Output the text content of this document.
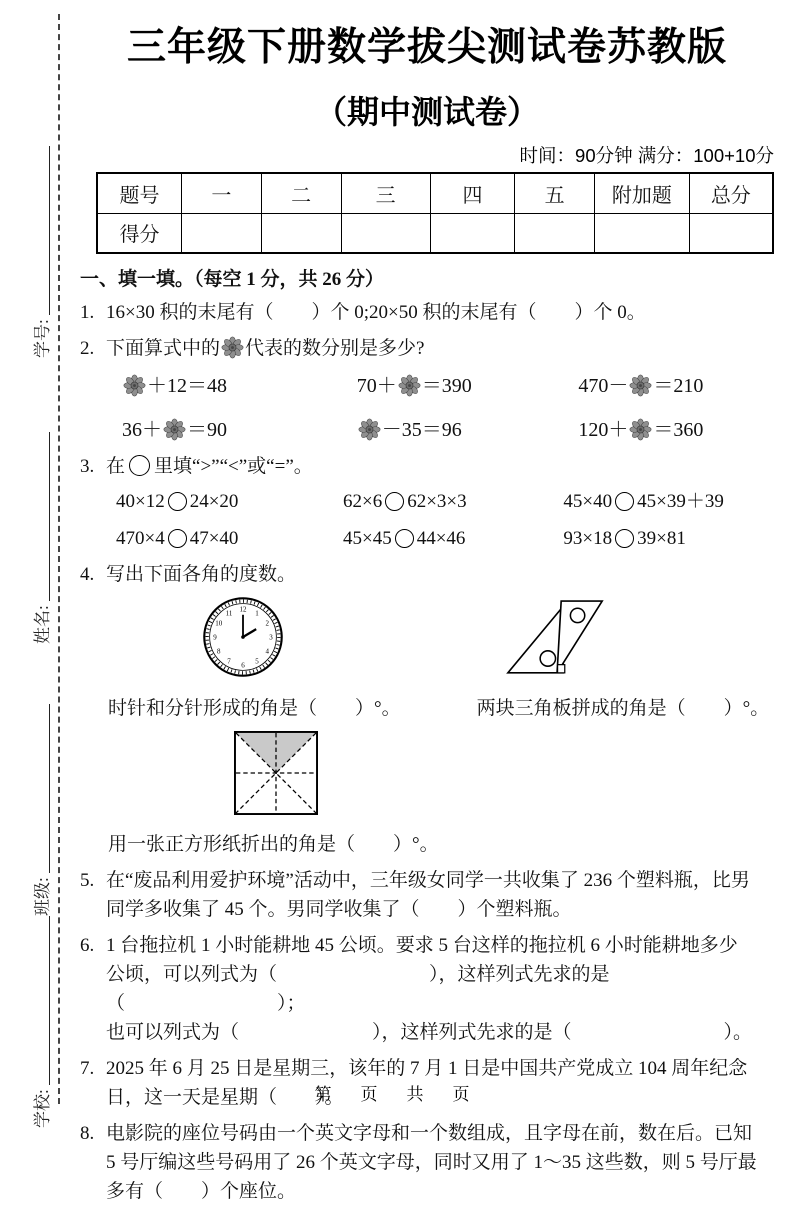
学号:
姓名:
班级:
学校:
三年级下册数学拔尖测试卷苏教版
（期中测试卷）
时间：90分钟 满分：100+10分
题号	一	二	三	四	五	附加题	总分
得分							
一、填一填。（每空 1 分，共 26 分）
1. 16×30 积的末尾有（　　）个 0;20×50 积的末尾有（　　）个 0。
2. 下面算式中的 代表的数分别是多少?
＋12＝48	70＋ ＝390	470－ ＝210
36＋ ＝90	－35＝96	120＋ ＝360
3. 在 里填“>”“<”或“=”。
40×12 24×20	62×6 62×3×3	45×40 45×39＋39
470×4 47×40	45×45 44×46	93×18 39×81
4. 写出下面各角的度数。
12 1
2
3
4
5
6
7
8
9
10
11
时针和分针形成的角是（　　）°。	两块三角板拼成的角是（　　）°。
用一张正方形纸折出的角是（　　）°。
5. 在“废品利用爱护环境”活动中，三年级女同学一共收集了 236 个塑料瓶，比男
同学多收集了 45 个。男同学收集了（　　）个塑料瓶。
6. 1 台拖拉机 1 小时能耕地 45 公顷。要求 5 台这样的拖拉机 6 小时能耕地多少
公顷，可以列式为（　　　　　　　　），这样列式先求的是（　　　　　　　　）；
也可以列式为（　　　　　　　），这样列式先求的是（　　　　　　　　）。
7. 2025 年 6 月 25 日是星期三，该年的 7 月 1 日是中国共产党成立 104 周年纪念
日，这一天是星期（　　）。
8. 电影院的座位号码由一个英文字母和一个数组成，且字母在前，数在后。已知
5 号厅编这些号码用了 26 个英文字母，同时又用了 1～35 这些数，则 5 号厅最
多有（　　）个座位。
第　页　共　页
